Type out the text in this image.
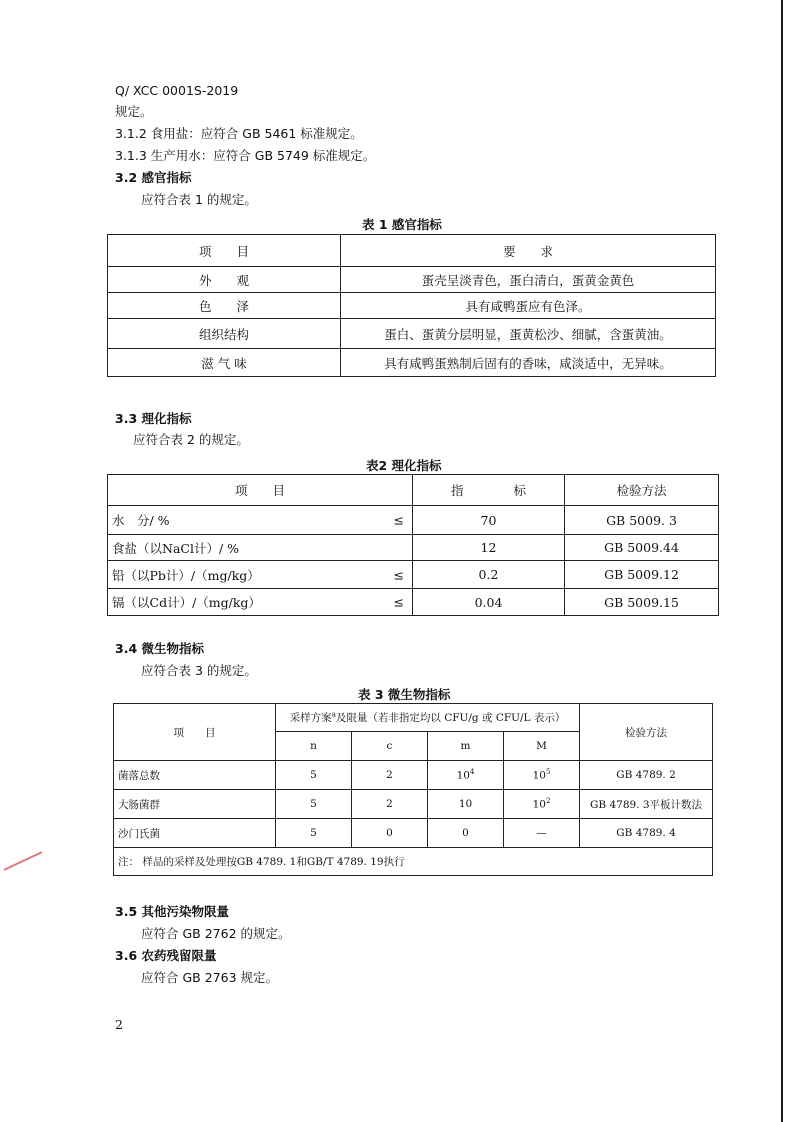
Q/ XCC 0001S-2019
规定。
3.1.2 食用盐：应符合 GB 5461 标准规定。
3.1.3 生产用水：应符合 GB 5749 标准规定。
3.2 感官指标
应符合表 1 的规定。
表 1 感官指标
项　　目	要　　求
外　　观	蛋壳呈淡青色，蛋白清白，蛋黄金黄色
色　　泽	具有咸鸭蛋应有色泽。
组织结构	蛋白、蛋黄分层明显，蛋黄松沙、细腻，含蛋黄油。
滋 气 味	具有咸鸭蛋熟制后固有的香味，咸淡适中，无异味。
3.3 理化指标
应符合表 2 的规定。
表2 理化指标
项　　目	指　　　　标	检验方法
水　分/ % ≤	70	GB 5009. 3
食盐（以NaCl计）/ %	12	GB 5009.44
铅（以Pb计）/（mg/kg） ≤	0.2	GB 5009.12
镉（以Cd计）/（mg/kg） ≤	0.04	GB 5009.15
3.4 微生物指标
应符合表 3 的规定。
表 3 微生物指标
项　　目	采样方案$^a$及限量（若非指定均以 CFU/g 或 CFU/L 表示）				检验方法
	n	c	m	M	
菌落总数	5	2	$10^4$	$10^5$	GB 4789. 2
大肠菌群	5	2	10	$10^2$	GB 4789. 3平板计数法
沙门氏菌	5	0	0	—	GB 4789. 4
注： 样品的采样及处理按GB 4789. 1和GB/T 4789. 19执行					
3.5 其他污染物限量
应符合 GB 2762 的规定。
3.6 农药残留限量
应符合 GB 2763 规定。
2
